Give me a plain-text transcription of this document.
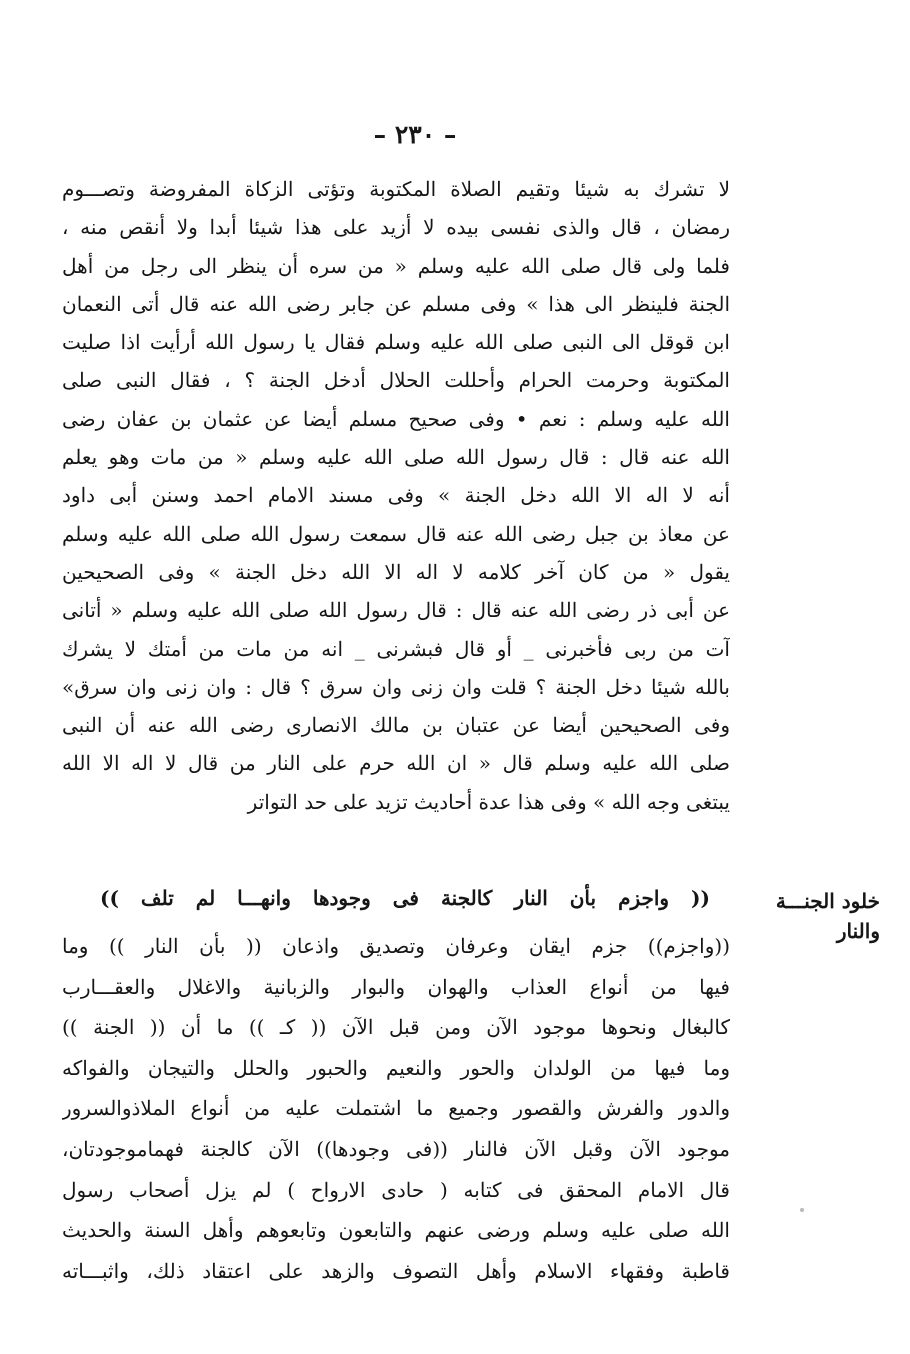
– ٢٣٠ –
لا تشرك به شيئا وتقيم الصلاة المكتوبة وتؤتى الزكاة المفروضة وتصـــوم
رمضان ، قال والذى نفسى بيده لا أزيد على هذا شيئا أبدا ولا أنقص منه ،
فلما ولى قال صلى الله عليه وسلم « من سره أن ينظر الى رجل من أهل
الجنة فلينظر الى هذا » وفى مسلم عن جابر رضى الله عنه قال أتى النعمان
ابن قوقل الى النبى صلى الله عليه وسلم فقال يا رسول الله أرأيت اذا صليت
المكتوبة وحرمت الحرام وأحللت الحلال أدخل الجنة ؟ ، فقال النبى صلى
الله عليه وسلم : نعم • وفى صحيح مسلم أيضا عن عثمان بن عفان رضى
الله عنه قال : قال رسول الله صلى الله عليه وسلم « من مات وهو يعلم
أنه لا اله الا الله دخل الجنة » وفى مسند الامام احمد وسنن أبى داود
عن معاذ بن جبل رضى الله عنه قال سمعت رسول الله صلى الله عليه وسلم
يقول « من كان آخر كلامه لا اله الا الله دخل الجنة » وفى الصحيحين
عن أبى ذر رضى الله عنه قال : قال رسول الله صلى الله عليه وسلم « أتانى
آت من ربى فأخبرنى _ أو قال فبشرنى _ انه من مات من أمتك لا يشرك
بالله شيئا دخل الجنة ؟ قلت وان زنى وان سرق ؟ قال : وان زنى وان سرق»
وفى الصحيحين أيضا عن عتبان بن مالك الانصارى رضى الله عنه أن النبى
صلى الله عليه وسلم قال « ان الله حرم على النار من قال لا اله الا الله
يبتغى وجه الله » وفى هذا عدة أحاديث تزيد على حد التواتر
خلود الجنـــة
والنار
(( واجزم بأن النار كالجنة فى وجودها وانهـــا لم تلف ))
((واجزم)) جزم ايقان وعرفان وتصديق واذعان (( بأن النار )) وما
فيها من أنواع العذاب والهوان والبوار والزبانية والاغلال والعقـــارب
كالبغال ونحوها موجود الآن ومن قبل الآن (( كـ )) ما أن (( الجنة ))
وما فيها من الولدان والحور والنعيم والحبور والحلل والتيجان والفواكه
والدور والفرش والقصور وجميع ما اشتملت عليه من أنواع الملاذوالسرور
موجود الآن وقبل الآن فالنار ((فى وجودها)) الآن كالجنة فهماموجودتان،
قال الامام المحقق فى كتابه ( حادى الارواح ) لم يزل أصحاب رسول
الله صلى عليه وسلم ورضى عنهم والتابعون وتابعوهم وأهل السنة والحديث
قاطبة وفقهاء الاسلام وأهل التصوف والزهد على اعتقاد ذلك، واثبـــاته
